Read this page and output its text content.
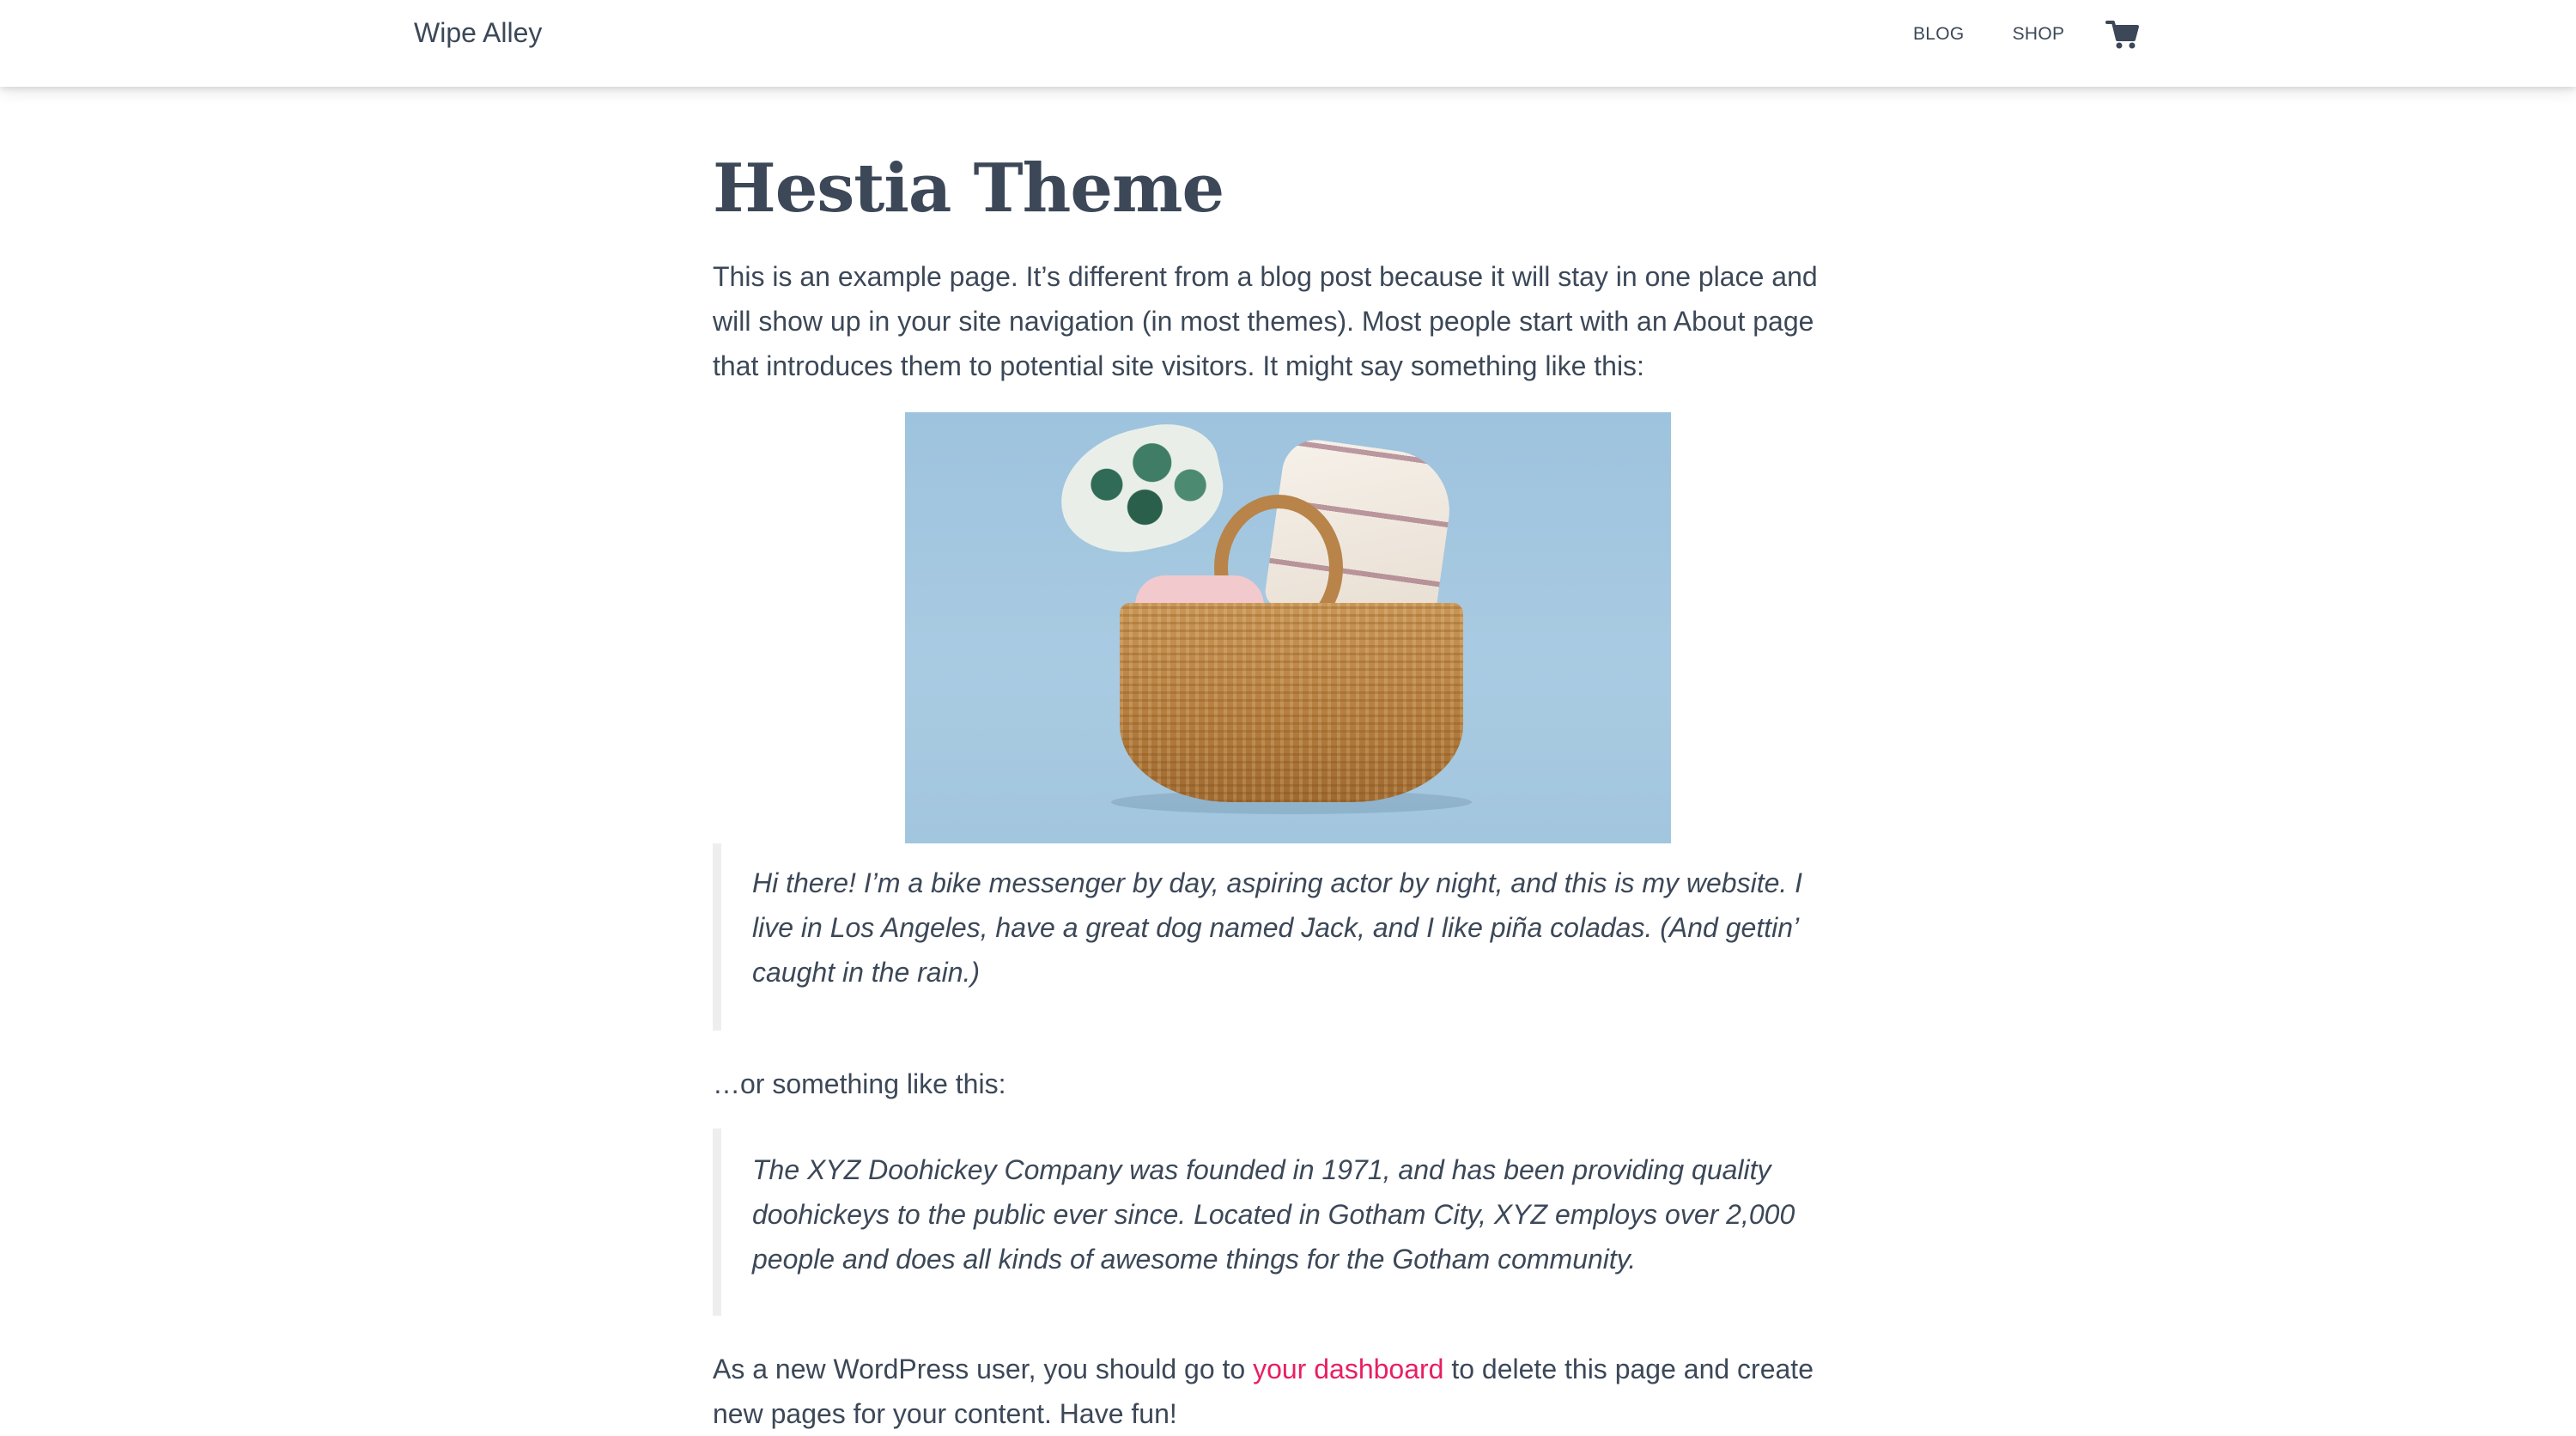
Wipe Alley	BLOG	SHOP
Hestia Theme

This is an example page. It’s different from a blog post because it will stay in one place and will show up in your site navigation (in most themes). Most people start with an About page that introduces them to potential site visitors. It might say something like this:

Hi there! I’m a bike messenger by day, aspiring actor by night, and this is my website. I live in Los Angeles, have a great dog named Jack, and I like piña coladas. (And gettin’ caught in the rain.)

…or something like this:

The XYZ Doohickey Company was founded in 1971, and has been providing quality doohickeys to the public ever since. Located in Gotham City, XYZ employs over 2,000 people and does all kinds of awesome things for the Gotham community.

As a new WordPress user, you should go to your dashboard to delete this page and create new pages for your content. Have fun!
